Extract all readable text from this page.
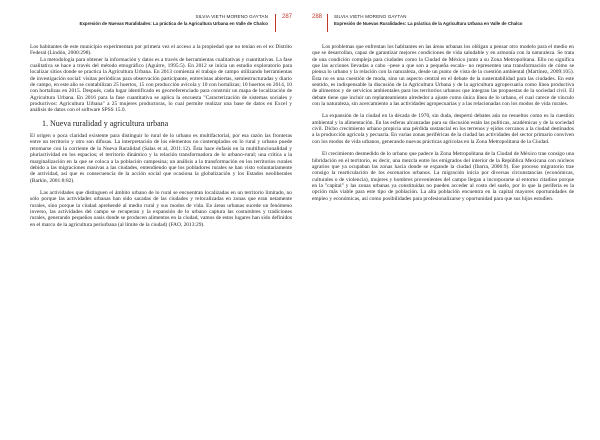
SILVIA VIETH MORENO GAYTAN
Expresión de Nuevas Ruralidades: La práctica de la Agricultura Urbana en Valle de Chalco
287

Los habitantes de este municipio experimentan por primera vez el acceso a la propiedad que no tenían en el ex Distrito Federal (Lindón, 2000:298).

La metodología para obtener la información y datos es a través de herramientas cualitativas y cuantitativas. La fase cualitativa se hace a través del método etnográfico (Aguirre, 1995:5). En 2012 se inicia un estudio exploratorio para localizar sitios donde se practica la Agricultura Urbana. En 2013 comienza el trabajo de campo utilizando herramientas de investigación social: visitas periódicas para observación participante, entrevistas abiertas, semiestructuradas y diario de campo, en este año se contabilizan 25 huertos, 15 con producción avícola y 10 con hortalizas; 10 huertos en 2014, 10 con hortalizas en 2015. Después, cada lugar identificado es georreferenciado para construir un mapa de localización de Agricultura Urbana. En 2016 para la fase cuantitativa se aplica la encuesta "Caracterización de sistemas sociales y productivos: Agricultura Urbana" a 25 mujeres productoras, lo cual permite realizar una base de datos en Excel y análisis de datos con el software SPSS 15.0.

1. Nueva ruralidad y agricultura urbana

El origen o poca claridad existente para distinguir lo rural de lo urbano es multifactorial, por esa razón las fronteras entre un territorio y otro son difusas. La interpretación de los elementos no contemplados en lo rural y urbano puede retomarse con la corriente de la Nueva Ruralidad (Salas et al, 2011:12). Ésta hace énfasis en la multifuncionalidad y pluriactividad en los espacios; el territorio dinámico y la relación transformadora de lo urbano-rural; una crítica a la marginalización en la que se coloca a la población campesina; un análisis a la transformación en los territorios rurales debido a las migraciones masivas a las ciudades, entendiendo que los pobladores rurales se han visto voluntariamente de actividad, así que es consecuencia de la acción social que ocasiona la globalización y los Estados neoliberales (Barkin, 2001:8:82).

Las actividades que distinguen el ámbito urbano de lo rural se encuentran localizadas en un territorio limitado, no sólo porque las actividades urbanas han sido sacadas de las ciudades y relocalizadas en zonas que eran netamente rurales, sino porque la ciudad aprehendé al medio rural y sus modos de vida. En áreas urbanas sucede un fenómeno inverso, las actividades del campo se recuperan y la expansión de lo urbano captura las costumbres y tradiciones rurales, generando pequeños oasis donde se producen alimentos en la ciudad, vamos de estos lugares han sido definidos en el marco de la agricultura periurbana (al límite de la ciudad) (FAO, 2013:29).

288	SILVIA VIETH MORENO GAYTAN
Expresión de Nuevas Ruralidades: La práctica de la Agricultura Urbana en Valle de Chalco

Los problemas que enfrentan los habitantes en las áreas urbanas los obligan a pensar otro modelo para el medio en que se desarrollan, capaz de garantizar mejores condiciones de vida saludable y en armonía con la naturaleza. Se trata de una condición compleja para ciudades como la Ciudad de México junto a su Zona Metropolitana. Ello no significa que las acciones llevadas a cabo –pese a que son a pequeña escala– no representen una transformación de cómo se piensa lo urbano y la relación con la naturaleza, desde un punto de vista de la cuestión ambiental (Martínez, 2009:105). Ésta no es una cuestión de moda, sino un aspecto central en el debate de la sustentabilidad para las ciudades. En este sentido, es indispensable la discusión de la Agricultura Urbana y de la agricultura agropecuaria como línea productiva de alimentos y de servicios ambientales para los territorios urbanos que integran las propuestas de la sociedad civil. El debate tiene que incluir un replanteamiento alrededor a ajuste como única línea de lo urbano, el cual carece de vínculo con la naturaleza, sin acercamiento a las actividades agropecuarias y a las relacionadas con los modos de vida rurales.

La expansión de la ciudad en la década de 1970, sin duda, despertó debates aún no resueltos como es la cuestión ambiental y la alimentación. En las esferas alcanzadas para su discusión están las políticas, académicas y de la sociedad civil. Dicho crecimiento urbano propicia una pérdida sustancial en los terrenos y ejidos cercanos a la ciudad destinados a la producción agrícola y pecuaria. En varias zonas periféricas de la ciudad las actividades del sector primario conviven con los modos de vida urbanos, generando nuevas prácticas agrícolas en la Zona Metropolitana de la Ciudad.

El crecimiento desmedido de lo urbano que padece la Zona Metropolitana de la Ciudad de México trae consigo una hibridación en el territorio, es decir, una mezcla entre los emigrados del interior de la República Mexicana con núcleos agrarios que ya ocupaban las zonas hacia donde se expande la ciudad (Ibarra, 2006:9). Ese proceso migratorio trae consigo la rearticulación de los escenarios urbanos. La migración inicia por diversas circunstancias (económicas, culturales o de violencia), mujeres y hombres provenientes del campo llegan a incorporarse al entorno citadino porque en la "capital" y las zonas urbanas ya constituidas no pueden acceder al costo del suelo, por lo que la periferia es la opción más viable para este tipo de población. La alta población encuentra en la capital mayores oportunidades de empleo y económicas, así como posibilidades para profesionalizarse y oportunidad para que sus hijos estudien.
